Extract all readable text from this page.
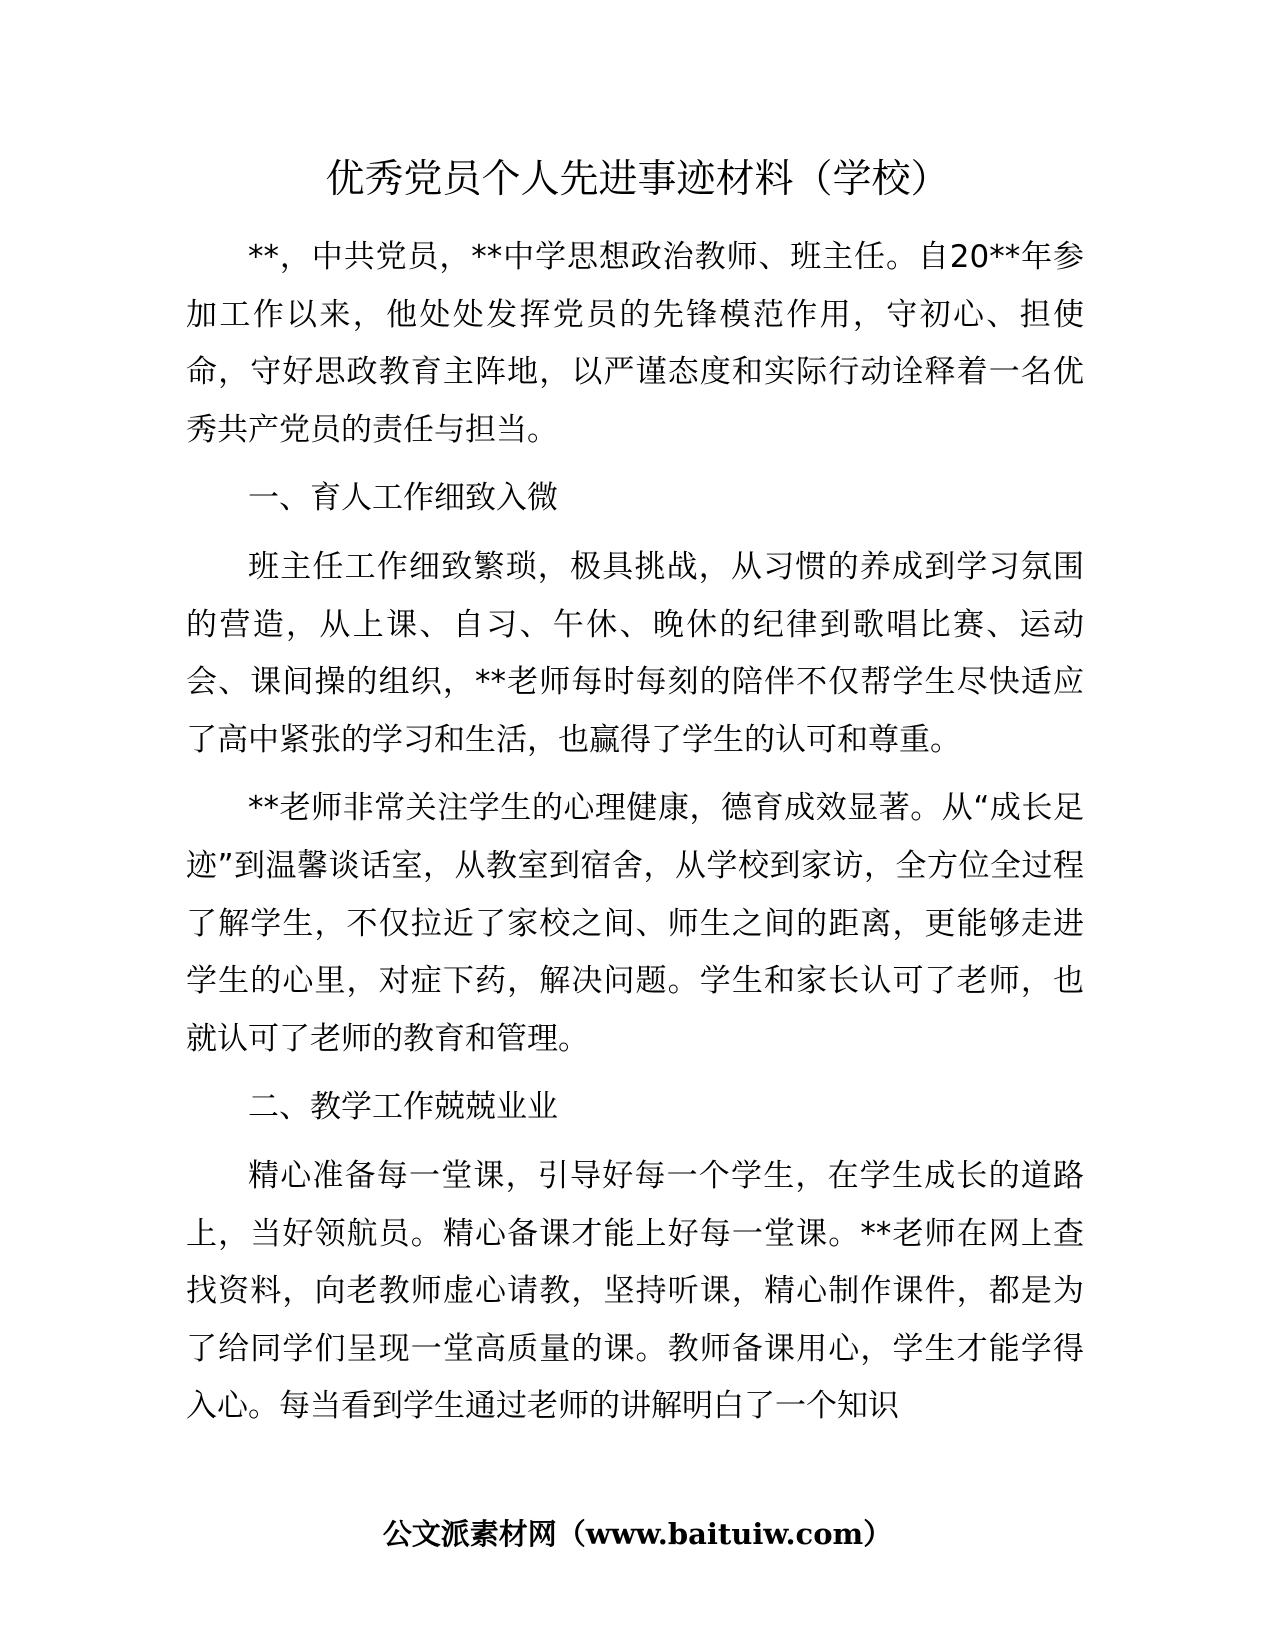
优秀党员个人先进事迹材料（学校）

**，中共党员，**中学思想政治教师、班主任。自20**年参加工作以来，他处处发挥党员的先锋模范作用，守初心、担使命，守好思政教育主阵地，以严谨态度和实际行动诠释着一名优秀共产党员的责任与担当。

一、育人工作细致入微

班主任工作细致繁琐，极具挑战，从习惯的养成到学习氛围的营造，从上课、自习、午休、晚休的纪律到歌唱比赛、运动会、课间操的组织，**老师每时每刻的陪伴不仅帮学生尽快适应了高中紧张的学习和生活，也赢得了学生的认可和尊重。

**老师非常关注学生的心理健康，德育成效显著。从“成长足迹”到温馨谈话室，从教室到宿舍，从学校到家访，全方位全过程了解学生，不仅拉近了家校之间、师生之间的距离，更能够走进学生的心里，对症下药，解决问题。学生和家长认可了老师，也就认可了老师的教育和管理。

二、教学工作兢兢业业

精心准备每一堂课，引导好每一个学生，在学生成长的道路上，当好领航员。精心备课才能上好每一堂课。**老师在网上查找资料，向老教师虚心请教，坚持听课，精心制作课件，都是为了给同学们呈现一堂高质量的课。教师备课用心，学生才能学得入心。每当看到学生通过老师的讲解明白了一个知识

公文派素材网（www.baituiw.com）
